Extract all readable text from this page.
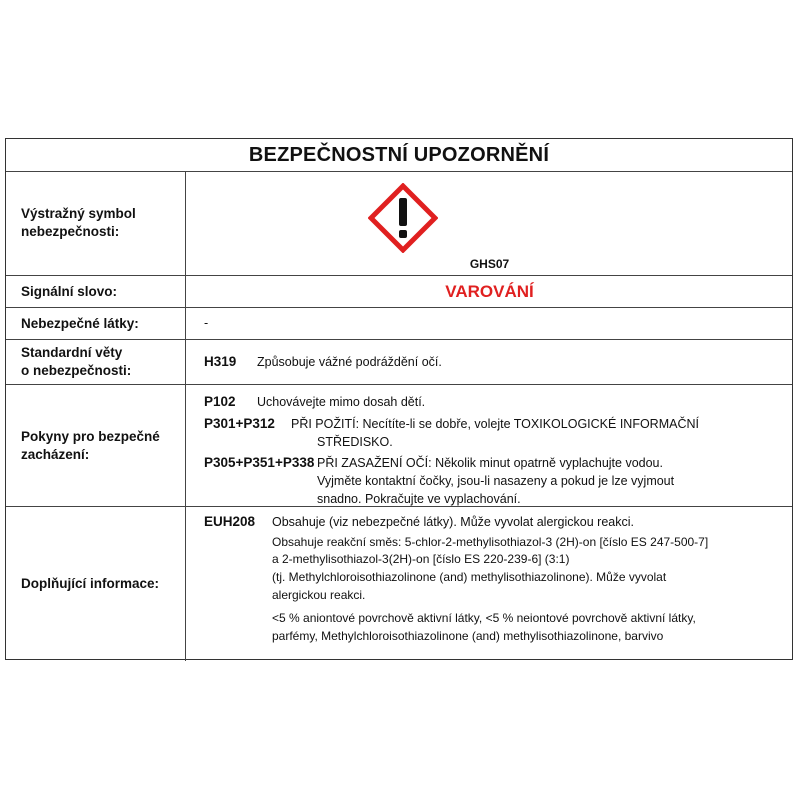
BEZPEČNOSTNÍ UPOZORNĚNÍ
Výstražný symbol
nebezpečnosti:
GHS07
Signální slovo:	VAROVÁNÍ
Nebezpečné látky:	-
Standardní věty
o nebezpečnosti:
H319 Způsobuje vážné podráždění očí.
Pokyny pro bezpečné
zacházení:
P102 Uchovávejte mimo dosah dětí.
P301+P312 PŘI POŽITÍ: Necítíte-li se dobře, volejte TOXIKOLOGICKÉ INFORMAČNÍ
STŘEDISKO.
P305+P351+P338 PŘI ZASAŽENÍ OČÍ: Několik minut opatrně vyplachujte vodou.
Vyjměte kontaktní čočky, jsou-li nasazeny a pokud je lze vyjmout
snadno. Pokračujte ve vyplachování.
Doplňující informace:
EUH208 Obsahuje (viz nebezpečné látky). Může vyvolat alergickou reakci.
Obsahuje reakční směs: 5-chlor-2-methylisothiazol-3 (2H)-on [číslo ES 247-500-7]
a 2-methylisothiazol-3(2H)-on [číslo ES 220-239-6] (3:1)
(tj. Methylchloroisothiazolinone (and) methylisothiazolinone). Může vyvolat
alergickou reakci.
<5 % aniontové povrchově aktivní látky, <5 % neiontové povrchově aktivní látky,
parfémy, Methylchloroisothiazolinone (and) methylisothiazolinone, barvivo
